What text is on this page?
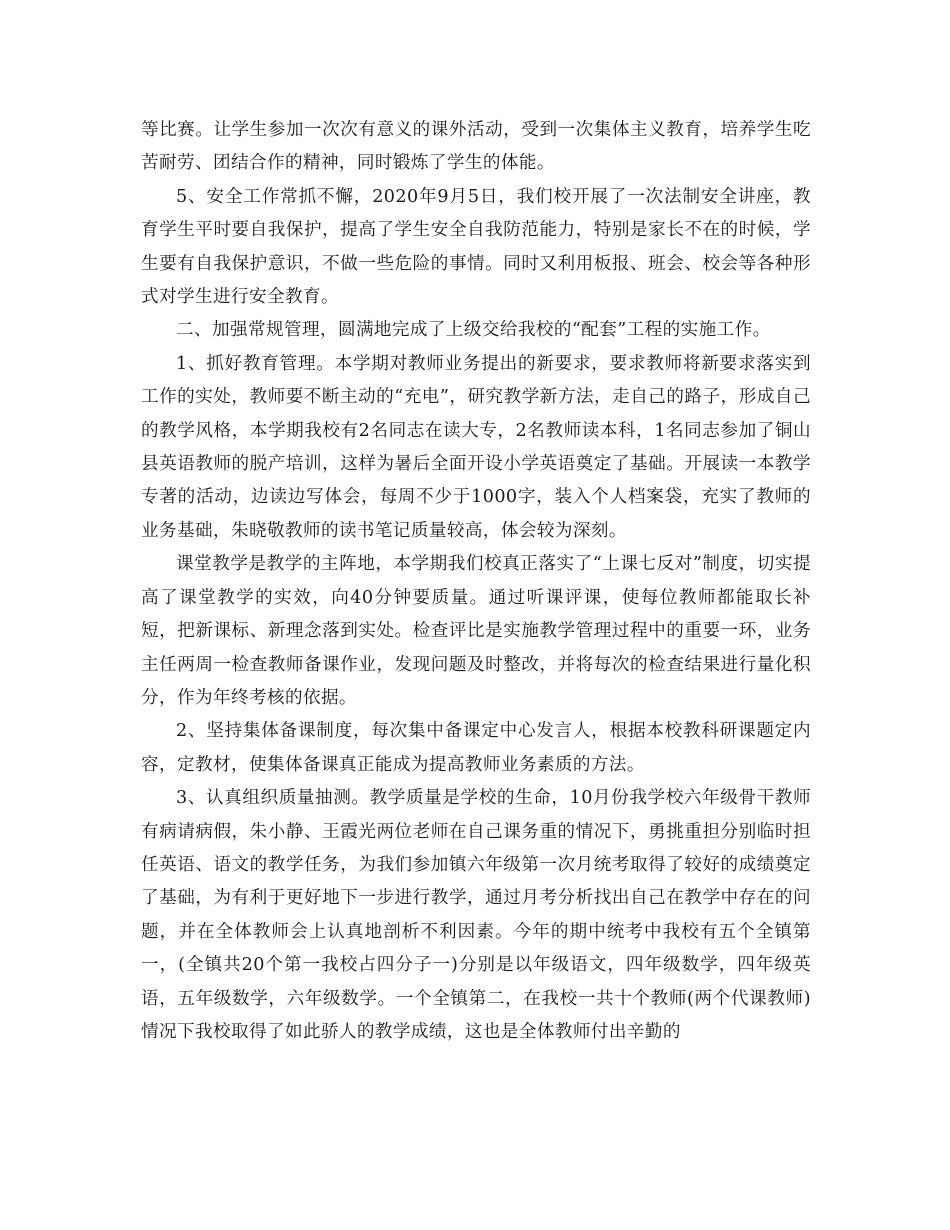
等比赛。让学生参加一次次有意义的课外活动，受到一次集体主义教育，培养学生吃苦耐劳、团结合作的精神，同时锻炼了学生的体能。

5、安全工作常抓不懈，2020年9月5日，我们校开展了一次法制安全讲座，教育学生平时要自我保护，提高了学生安全自我防范能力，特别是家长不在的时候，学生要有自我保护意识，不做一些危险的事情。同时又利用板报、班会、校会等各种形式对学生进行安全教育。

二、加强常规管理，圆满地完成了上级交给我校的“配套”工程的实施工作。

1、抓好教育管理。本学期对教师业务提出的新要求，要求教师将新要求落实到工作的实处，教师要不断主动的“充电”，研究教学新方法，走自己的路子，形成自己的教学风格，本学期我校有2名同志在读大专，2名教师读本科，1名同志参加了铜山县英语教师的脱产培训，这样为暑后全面开设小学英语奠定了基础。开展读一本教学专著的活动，边读边写体会，每周不少于1000字，装入个人档案袋，充实了教师的业务基础，朱晓敬教师的读书笔记质量较高，体会较为深刻。

课堂教学是教学的主阵地，本学期我们校真正落实了“上课七反对”制度，切实提高了课堂教学的实效，向40分钟要质量。通过听课评课，使每位教师都能取长补短，把新课标、新理念落到实处。检查评比是实施教学管理过程中的重要一环，业务主任两周一检查教师备课作业，发现问题及时整改，并将每次的检查结果进行量化积分，作为年终考核的依据。

2、坚持集体备课制度，每次集中备课定中心发言人，根据本校教科研课题定内容，定教材，使集体备课真正能成为提高教师业务素质的方法。

3、认真组织质量抽测。教学质量是学校的生命，10月份我学校六年级骨干教师有病请病假，朱小静、王霞光两位老师在自己课务重的情况下，勇挑重担分别临时担任英语、语文的教学任务，为我们参加镇六年级第一次月统考取得了较好的成绩奠定了基础，为有利于更好地下一步进行教学，通过月考分析找出自己在教学中存在的问题，并在全体教师会上认真地剖析不利因素。今年的期中统考中我校有五个全镇第一，(全镇共20个第一我校占四分子一)分别是以年级语文，四年级数学，四年级英语，五年级数学，六年级数学。一个全镇第二，在我校一共十个教师(两个代课教师)情况下我校取得了如此骄人的教学成绩，这也是全体教师付出辛勤的
